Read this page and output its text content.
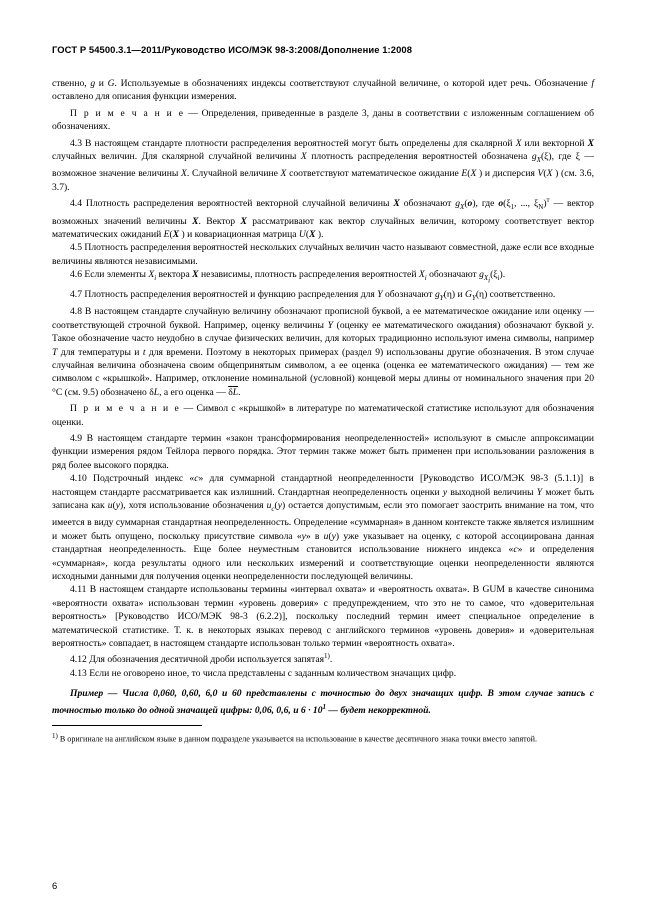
ГОСТ Р 54500.3.1—2011/Руководство ИСО/МЭК 98-3:2008/Дополнение 1:2008

ственно, g и G. Используемые в обозначениях индексы соответствуют случайной величине, о которой идет речь. Обозначение f оставлено для описания функции измерения.

П р и м е ч а н и е — Определения, приведенные в разделе 3, даны в соответствии с изложенным соглашением об обозначениях.

4.3 В настоящем стандарте плотности распределения вероятностей могут быть определены для скалярной X или векторной X случайных величин. Для скалярной случайной величины X плотность распределения вероятностей обозначена $g_X(\xi)$, где ξ — возможное значение величины X. Случайной величине X соответствуют математическое ожидание E(X ) и дисперсия V(X ) (см. 3.6, 3.7).

4.4 Плотность распределения вероятностей векторной случайной величины X обозначают $g_X(о)$, где $о(\xi_1$, ..., $\xi_N)^т$ — вектор возможных значений величины X. Вектор X рассматривают как вектор случайных величин, которому соответствует вектор математических ожиданий E(X ) и ковариационная матрица U(X ).

4.5 Плотность распределения вероятностей нескольких случайных величин часто называют совместной, даже если все входные величины являются независимыми.

4.6 Если элементы $X_i$ вектора X независимы, плотность распределения вероятностей $X_i$ обозначают $g_{Xi}(\xi_i)$.

4.7 Плотность распределения вероятностей и функцию распределения для Y обозначают $g_Y(\eta)$ и $G_Y(\eta)$ соответственно.

4.8 В настоящем стандарте случайную величину обозначают прописной буквой, а ее математическое ожидание или оценку — соответствующей строчной буквой. Например, оценку величины Y (оценку ее математического ожидания) обозначают буквой y. Такое обозначение часто неудобно в случае физических величин, для которых традиционно используют имена символы, например T для температуры и t для времени. Поэтому в некоторых примерах (раздел 9) использованы другие обозначения. В этом случае случайная величина обозначена своим общепринятым символом, а ее оценка (оценка ее математического ожидания) — тем же символом с «крышкой». Например, отклонение номинальной (условной) концевой меры длины от номинального значения при 20 °C (см. 9.5) обозначено δL, а его оценка — δL.

П р и м е ч а н и е — Символ с «крышкой» в литературе по математической статистике используют для обозначения оценки.

4.9 В настоящем стандарте термин «закон трансформирования неопределенностей» используют в смысле аппроксимации функции измерения рядом Тейлора первого порядка. Этот термин также может быть применен при использовании разложения в ряд более высокого порядка.

4.10 Подстрочный индекс «с» для суммарной стандартной неопределенности [Руководство ИСО/МЭК 98-3 (5.1.1)] в настоящем стандарте рассматривается как излишний. Стандартная неопределенность оценки y выходной величины Y может быть записана как u(y), хотя использование обозначения $u_c(y)$ остается допустимым, если это помогает заострить внимание на том, что имеется в виду суммарная стандартная неопределенность. Определение «суммарная» в данном контексте также является излишним и может быть опущено, поскольку присутствие символа «y» в u(y) уже указывает на оценку, с которой ассоциирована данная стандартная неопределенность. Еще более неуместным становится использование нижнего индекса «с» и определения «суммарная», когда результаты одного или нескольких измерений и соответствующие оценки неопределенности являются исходными данными для получения оценки неопределенности последующей величины.

4.11 В настоящем стандарте использованы термины «интервал охвата» и «вероятность охвата». В GUM в качестве синонима «вероятности охвата» использован термин «уровень доверия» с предупреждением, что это не то самое, что «доверительная вероятность» [Руководство ИСО/МЭК 98-3 (6.2.2)], поскольку последний термин имеет специальное определение в математической статистике. Т. к. в некоторых языках перевод с английского терминов «уровень доверия» и «доверительная вероятность» совпадает, в настоящем стандарте использован только термин «вероятность охвата».

4.12 Для обозначения десятичной дроби используется запятая$^{1)}$.

4.13 Если не оговорено иное, то числа представлены с заданным количеством значащих цифр.

Пример — Числа 0,060, 0,60, 6,0 и 60 представлены с точностью до двух значащих цифр. В этом случае запись с точностью только до одной значащей цифры: 0,06, 0,6, и $6 \cdot 10^1$ — будет некорректной.

1) В оригинале на английском языке в данном подразделе указывается на использование в качестве десятичного знака точки вместо запятой.
6
